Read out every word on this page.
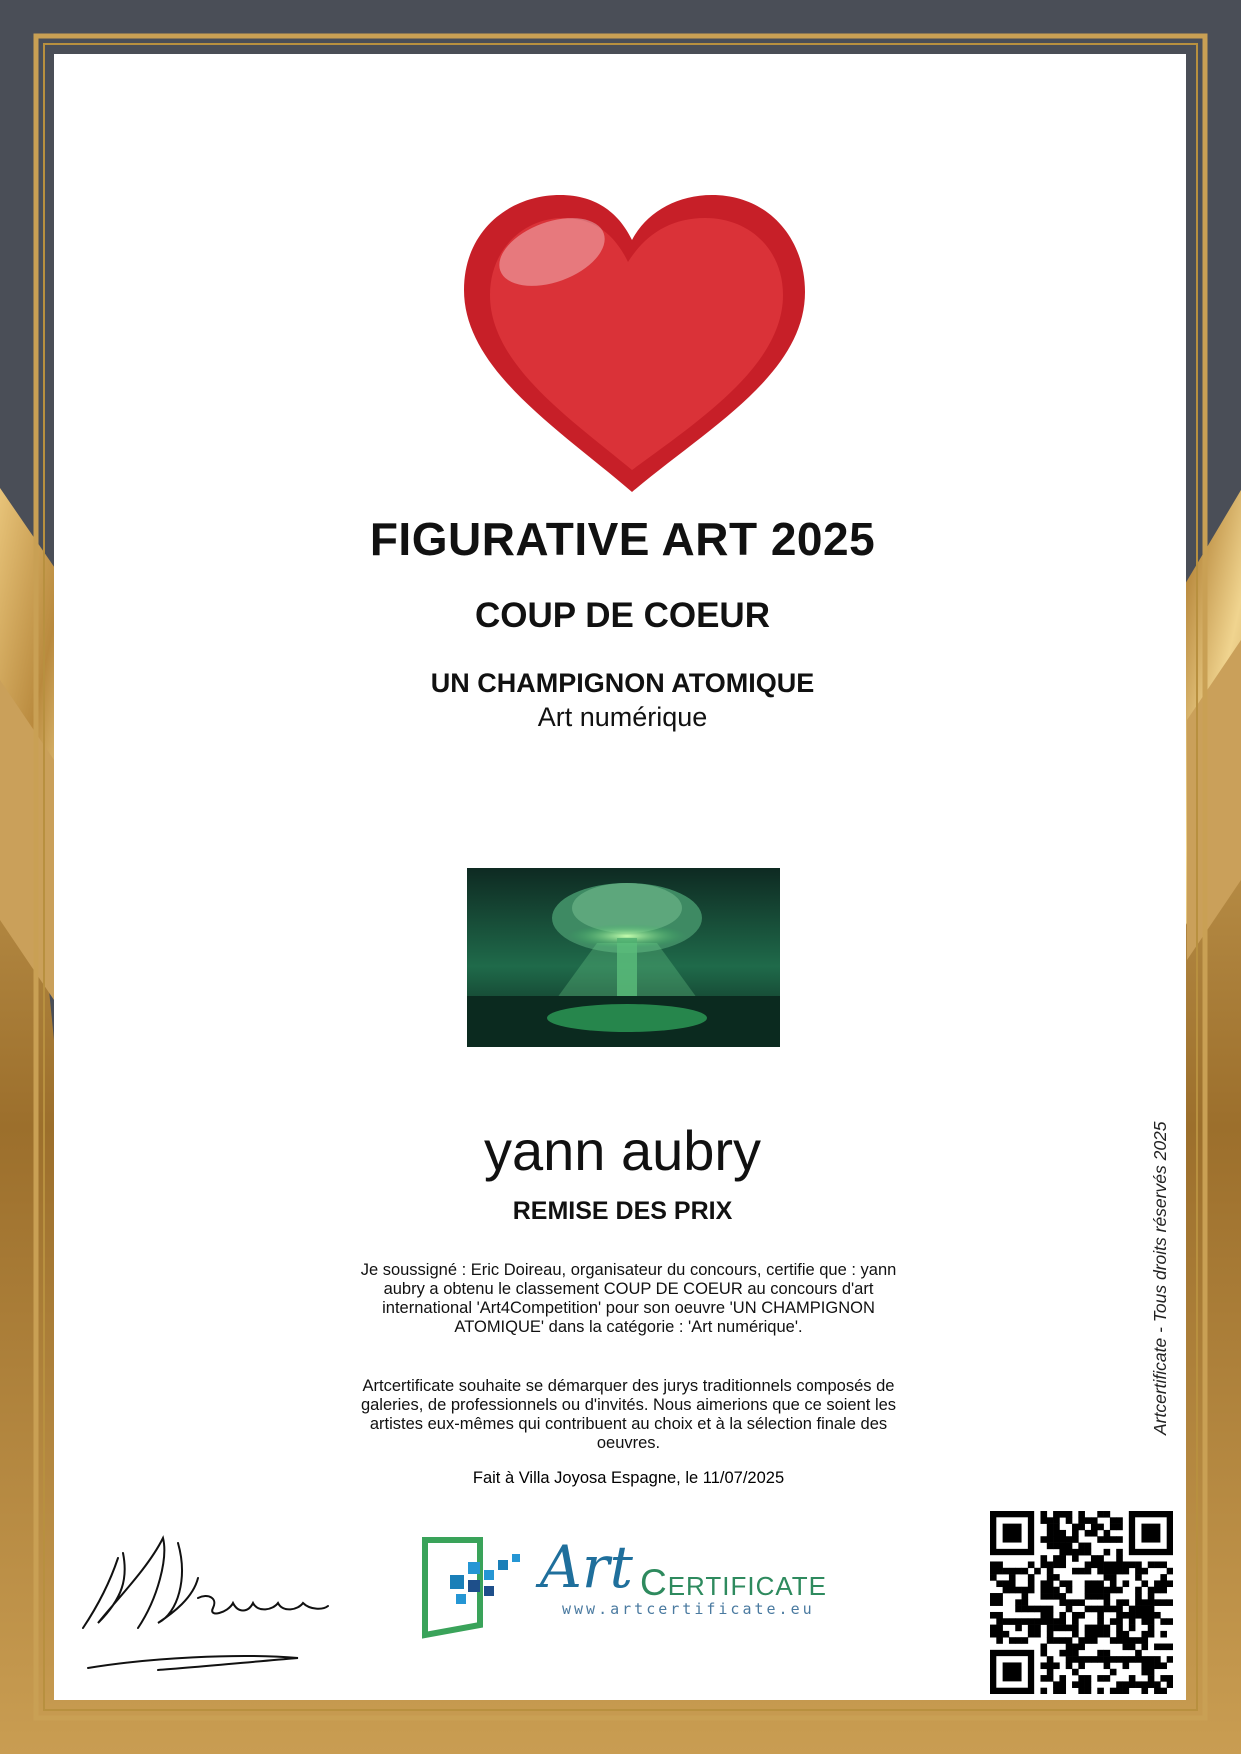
FIGURATIVE ART 2025
COUP DE COEUR
UN CHAMPIGNON ATOMIQUE
Art numérique
yann aubry
REMISE DES PRIX
Je soussigné : Eric Doireau, organisateur du concours, certifie que : yann aubry a obtenu le classement COUP DE COEUR au concours d'art international 'Art4Competition' pour son oeuvre 'UN CHAMPIGNON ATOMIQUE' dans la catégorie : 'Art numérique'.
Artcertificate souhaite se démarquer des jurys traditionnels composés de galeries, de professionnels ou d'invités. Nous aimerions que ce soient les artistes eux-mêmes qui contribuent au choix et à la sélection finale des oeuvres.
Fait à Villa Joyosa Espagne, le 11/07/2025
Artcertificate - Tous droits réservés 2025
Art Certificate
www.artcertificate.eu
